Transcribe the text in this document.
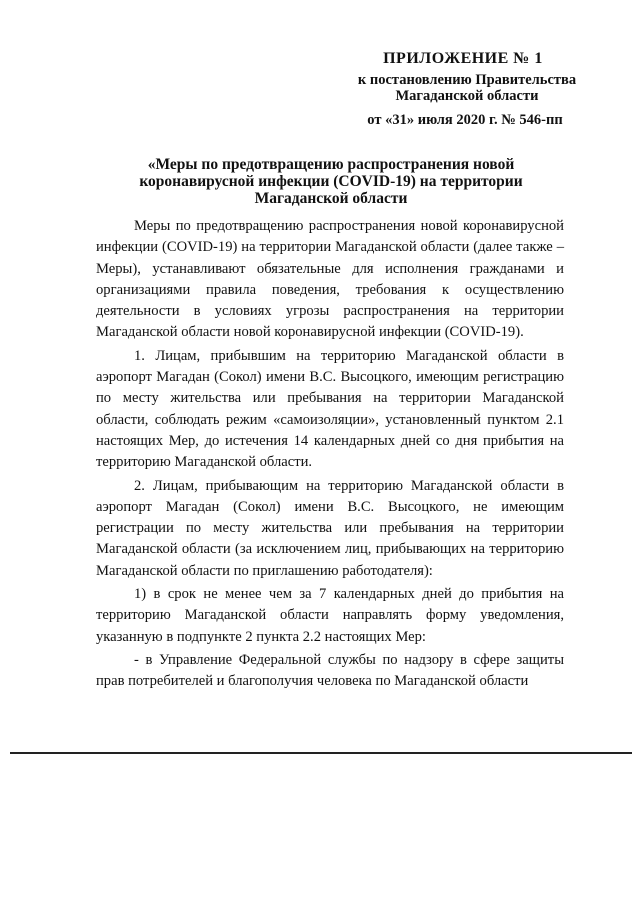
ПРИЛОЖЕНИЕ № 1
к постановлению Правительства Магаданской области
от «31» июля 2020 г. № 546-пп
«Меры по предотвращению распространения новой коронавирусной инфекции (COVID-19) на территории Магаданской области

Меры по предотвращению распространения новой коронавирусной инфекции (COVID-19) на территории Магаданской области (далее также – Меры), устанавливают обязательные для исполнения гражданами и организациями правила поведения, требования к осуществлению деятельности в условиях угрозы распространения на территории Магаданской области новой коронавирусной инфекции (COVID-19).

1. Лицам, прибывшим на территорию Магаданской области в аэропорт Магадан (Сокол) имени В.С. Высоцкого, имеющим регистрацию по месту жительства или пребывания на территории Магаданской области, соблюдать режим «самоизоляции», установленный пунктом 2.1 настоящих Мер, до истечения 14 календарных дней со дня прибытия на территорию Магаданской области.

2. Лицам, прибывающим на территорию Магаданской области в аэропорт Магадан (Сокол) имени В.С. Высоцкого, не имеющим регистрации по месту жительства или пребывания на территории Магаданской области (за исключением лиц, прибывающих на территорию Магаданской области по приглашению работодателя):

1) в срок не менее чем за 7 календарных дней до прибытия на территорию Магаданской области направлять форму уведомления, указанную в подпункте 2 пункта 2.2 настоящих Мер:

- в Управление Федеральной службы по надзору в сфере защиты прав потребителей и благополучия человека по Магаданской области
